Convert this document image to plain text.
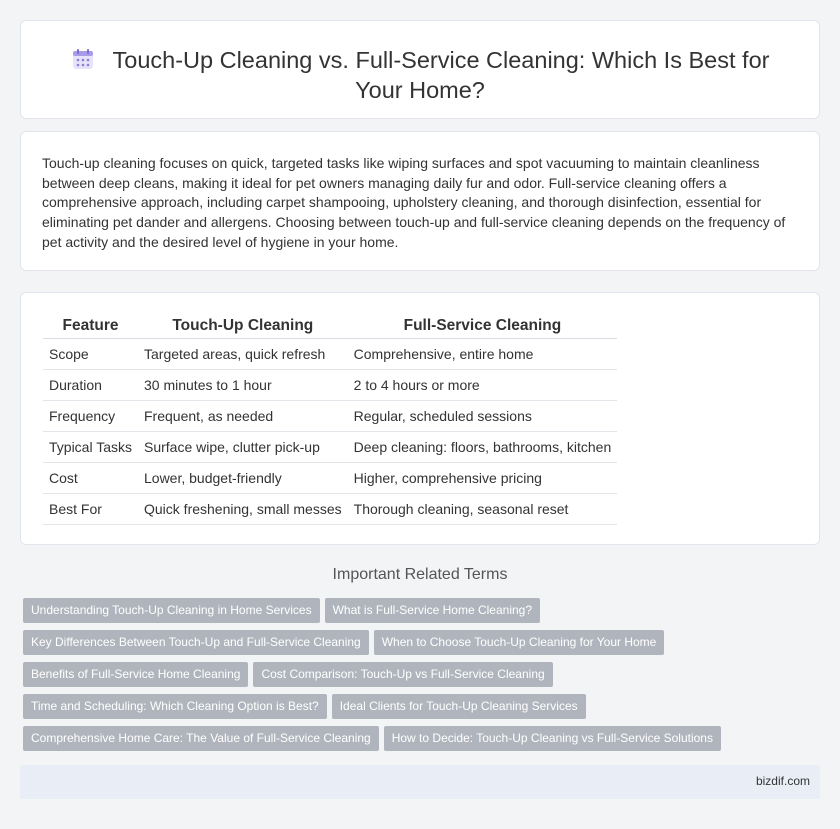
Touch-Up Cleaning vs. Full-Service Cleaning: Which Is Best for Your Home?

Touch-up cleaning focuses on quick, targeted tasks like wiping surfaces and spot vacuuming to maintain cleanliness between deep cleans, making it ideal for pet owners managing daily fur and odor. Full-service cleaning offers a comprehensive approach, including carpet shampooing, upholstery cleaning, and thorough disinfection, essential for eliminating pet dander and allergens. Choosing between touch-up and full-service cleaning depends on the frequency of pet activity and the desired level of hygiene in your home.

Feature	Touch-Up Cleaning	Full-Service Cleaning
Scope	Targeted areas, quick refresh	Comprehensive, entire home
Duration	30 minutes to 1 hour	2 to 4 hours or more
Frequency	Frequent, as needed	Regular, scheduled sessions
Typical Tasks	Surface wipe, clutter pick-up	Deep cleaning: floors, bathrooms, kitchen
Cost	Lower, budget-friendly	Higher, comprehensive pricing
Best For	Quick freshening, small messes	Thorough cleaning, seasonal reset
Important Related Terms
Understanding Touch-Up Cleaning in Home Services What is Full-Service Home Cleaning?
Key Differences Between Touch-Up and Full-Service Cleaning When to Choose Touch-Up Cleaning for Your Home
Benefits of Full-Service Home Cleaning Cost Comparison: Touch-Up vs Full-Service Cleaning
Time and Scheduling: Which Cleaning Option is Best? Ideal Clients for Touch-Up Cleaning Services
Comprehensive Home Care: The Value of Full-Service Cleaning How to Decide: Touch-Up Cleaning vs Full-Service Solutions
bizdif.com
